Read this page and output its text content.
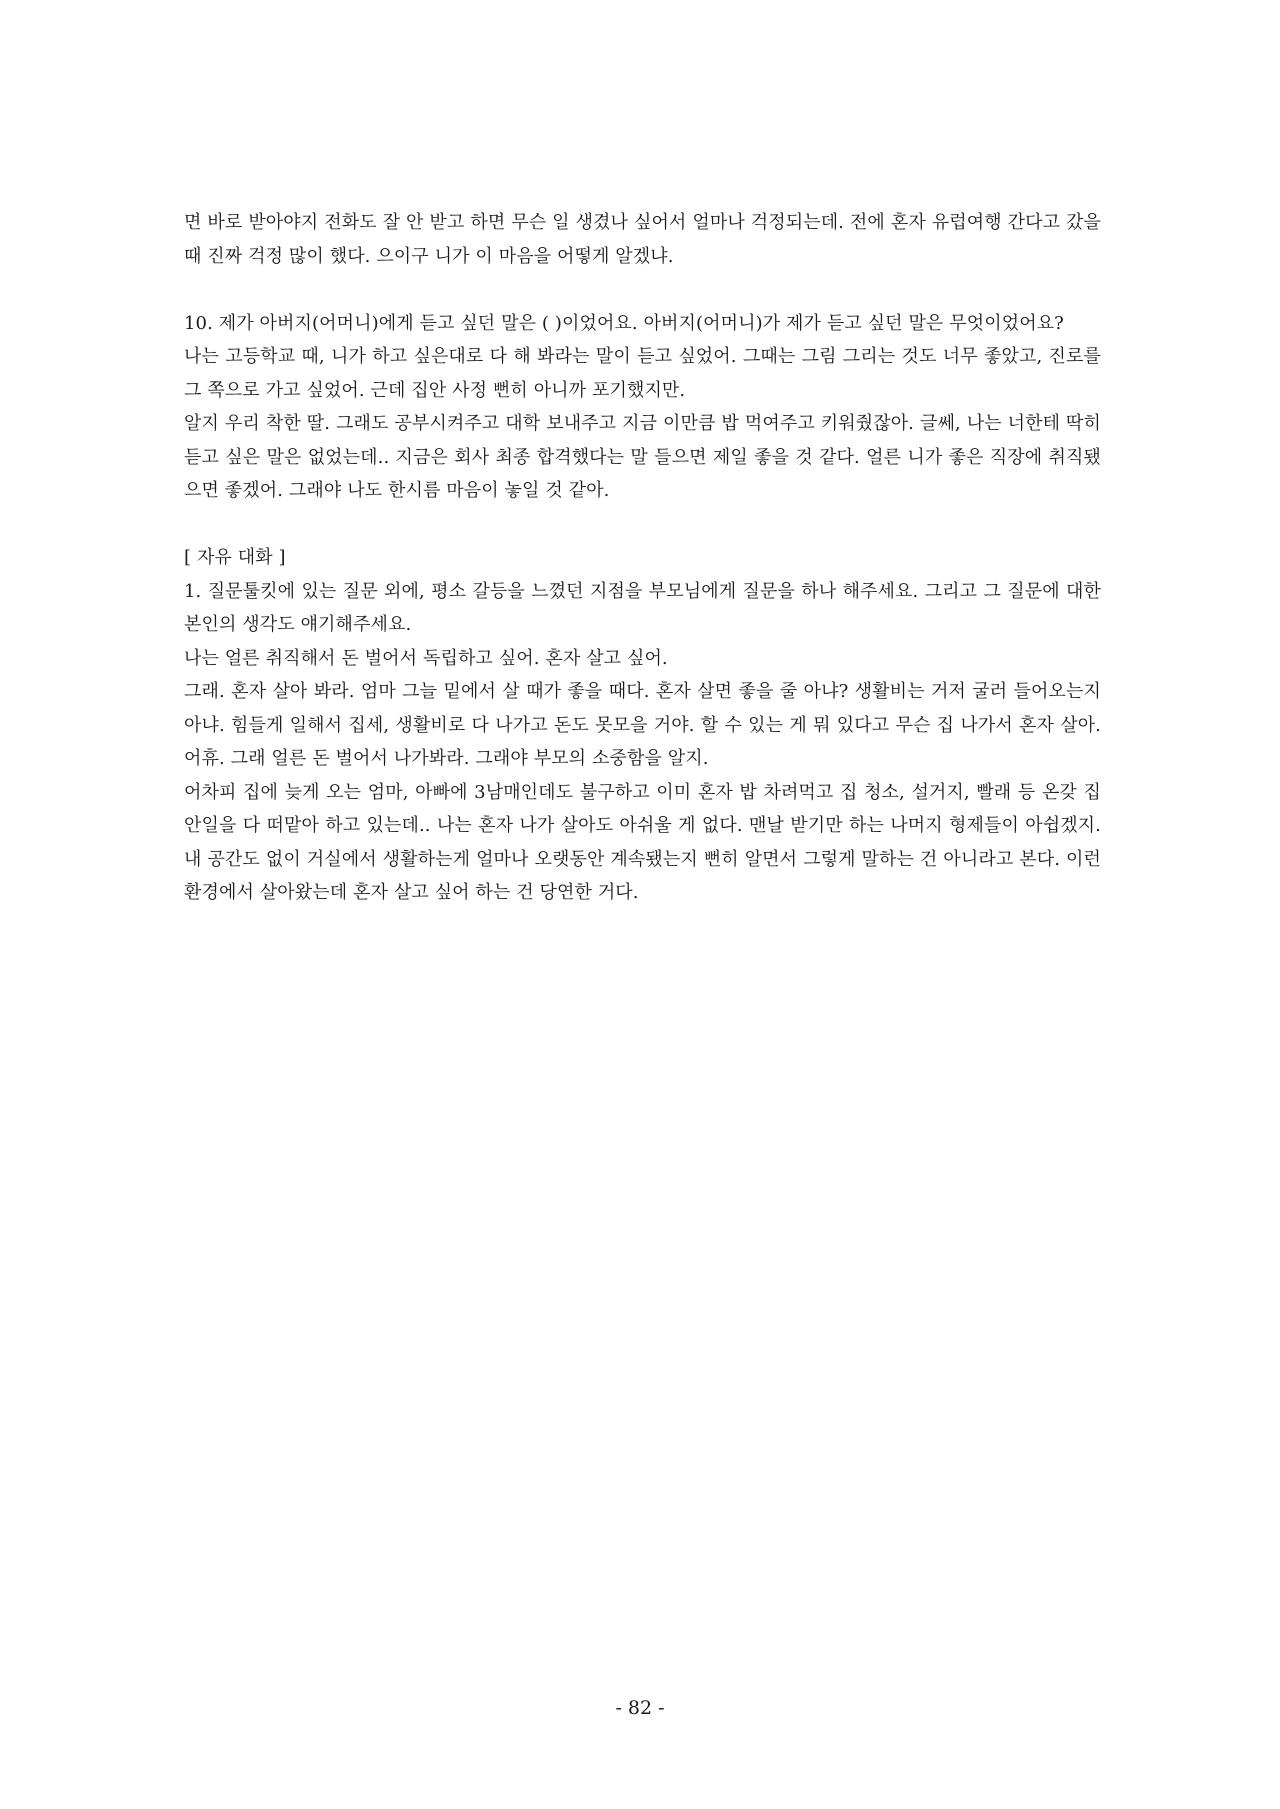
면 바로 받아야지 전화도 잘 안 받고 하면 무슨 일 생겼나 싶어서 얼마나 걱정되는데. 전에 혼자 유럽여행 간다고 갔을 때 진짜 걱정 많이 했다. 으이구 니가 이 마음을 어떻게 알겠냐.

10. 제가 아버지(어머니)에게 듣고 싶던 말은 ( )이었어요. 아버지(어머니)가 제가 듣고 싶던 말은 무엇이었어요?

나는 고등학교 때, 니가 하고 싶은대로 다 해 봐라는 말이 듣고 싶었어. 그때는 그림 그리는 것도 너무 좋았고, 진로를 그 쪽으로 가고 싶었어. 근데 집안 사정 뻔히 아니까 포기했지만.

알지 우리 착한 딸. 그래도 공부시켜주고 대학 보내주고 지금 이만큼 밥 먹여주고 키워줬잖아. 글쎄, 나는 너한테 딱히 듣고 싶은 말은 없었는데.. 지금은 회사 최종 합격했다는 말 들으면 제일 좋을 것 같다. 얼른 니가 좋은 직장에 취직됐으면 좋겠어. 그래야 나도 한시름 마음이 놓일 것 같아.

[ 자유 대화 ]

1. 질문툴킷에 있는 질문 외에, 평소 갈등을 느꼈던 지점을 부모님에게 질문을 하나 해주세요. 그리고 그 질문에 대한 본인의 생각도 얘기해주세요.

나는 얼른 취직해서 돈 벌어서 독립하고 싶어. 혼자 살고 싶어.

그래. 혼자 살아 봐라. 엄마 그늘 밑에서 살 때가 좋을 때다. 혼자 살면 좋을 줄 아냐? 생활비는 거저 굴러 들어오는지 아냐. 힘들게 일해서 집세, 생활비로 다 나가고 돈도 못모을 거야. 할 수 있는 게 뭐 있다고 무슨 집 나가서 혼자 살아. 어휴. 그래 얼른 돈 벌어서 나가봐라. 그래야 부모의 소중함을 알지.

어차피 집에 늦게 오는 엄마, 아빠에 3남매인데도 불구하고 이미 혼자 밥 차려먹고 집 청소, 설거지, 빨래 등 온갖 집안일을 다 떠맡아 하고 있는데.. 나는 혼자 나가 살아도 아쉬울 게 없다. 맨날 받기만 하는 나머지 형제들이 아쉽겠지. 내 공간도 없이 거실에서 생활하는게 얼마나 오랫동안 계속됐는지 뻔히 알면서 그렇게 말하는 건 아니라고 본다. 이런 환경에서 살아왔는데 혼자 살고 싶어 하는 건 당연한 거다.

- 82 -
